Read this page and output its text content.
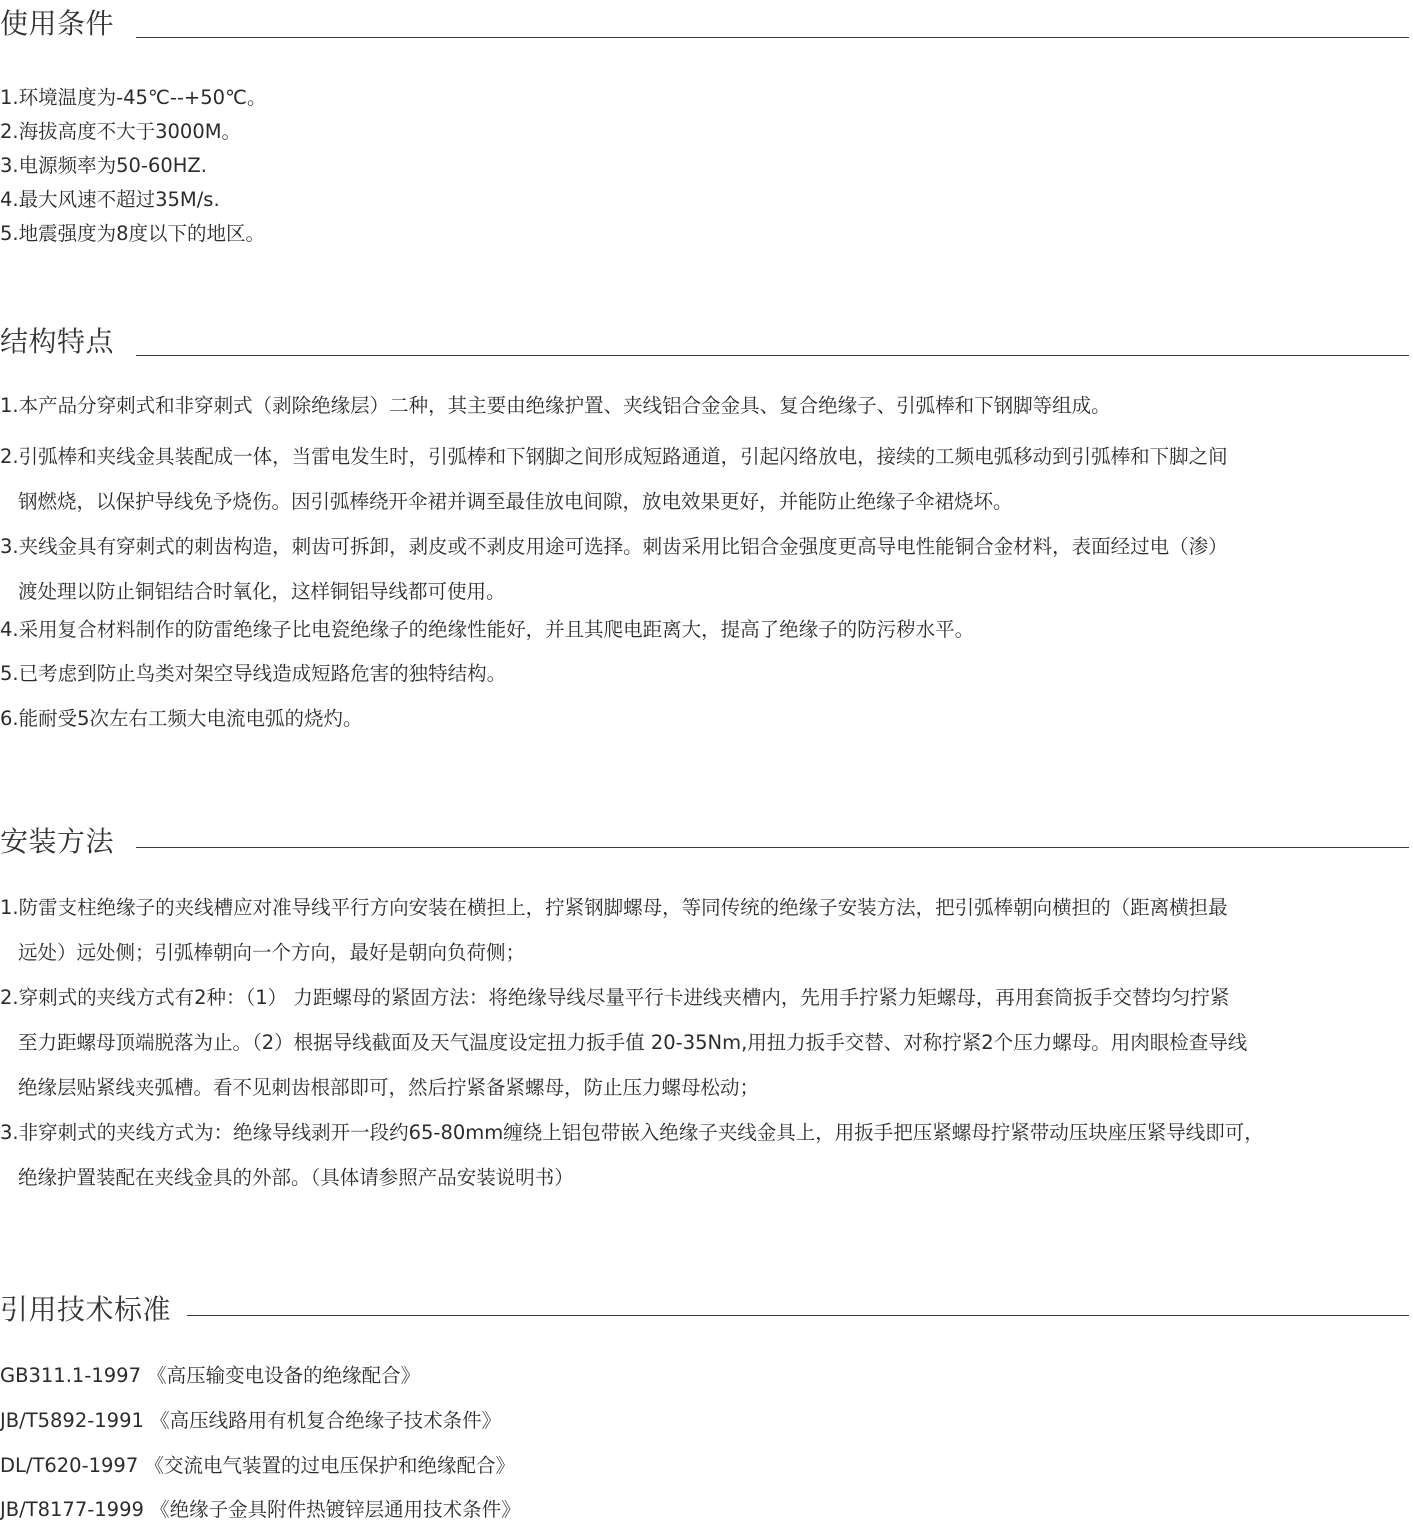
使用条件
1.环境温度为-45℃--+50℃。
2.海拔高度不大于3000M。
3.电源频率为50-60HZ.
4.最大风速不超过35M/s.
5.地震强度为8度以下的地区。
结构特点
1.本产品分穿刺式和非穿刺式（剥除绝缘层）二种，其主要由绝缘护置、夹线铝合金金具、复合绝缘子、引弧棒和下钢脚等组成。
2.引弧棒和夹线金具装配成一体，当雷电发生时，引弧棒和下钢脚之间形成短路通道，引起闪络放电，接续的工频电弧移动到引弧棒和下脚之间
钢燃烧，以保护导线免予烧伤。因引弧棒绕开伞裙并调至最佳放电间隙，放电效果更好，并能防止绝缘子伞裙烧坏。
3.夹线金具有穿刺式的刺齿构造，刺齿可拆卸，剥皮或不剥皮用途可选择。刺齿采用比铝合金强度更高导电性能铜合金材料，表面经过电（渗）
渡处理以防止铜铝结合时氧化，这样铜铝导线都可使用。
4.采用复合材料制作的防雷绝缘子比电瓷绝缘子的绝缘性能好，并且其爬电距离大，提高了绝缘子的防污秽水平。
5.已考虑到防止鸟类对架空导线造成短路危害的独特结构。
6.能耐受5次左右工频大电流电弧的烧灼。
安装方法
1.防雷支柱绝缘子的夹线槽应对准导线平行方向安装在横担上，拧紧钢脚螺母，等同传统的绝缘子安装方法，把引弧棒朝向横担的（距离横担最
远处）远处侧；引弧棒朝向一个方向，最好是朝向负荷侧；
2.穿刺式的夹线方式有2种：（1） 力距螺母的紧固方法：将绝缘导线尽量平行卡进线夹槽内，先用手拧紧力矩螺母，再用套筒扳手交替均匀拧紧
至力距螺母顶端脱落为止。（2）根据导线截面及天气温度设定扭力扳手值 20-35Nm,用扭力扳手交替、对称拧紧2个压力螺母。用肉眼检查导线
绝缘层贴紧线夹弧槽。看不见刺齿根部即可，然后拧紧备紧螺母，防止压力螺母松动；
3.非穿刺式的夹线方式为：绝缘导线剥开一段约65-80mm缠绕上铝包带嵌入绝缘子夹线金具上，用扳手把压紧螺母拧紧带动压块座压紧导线即可，
绝缘护置装配在夹线金具的外部。（具体请参照产品安装说明书）
引用技术标准
GB311.1-1997 《高压输变电设备的绝缘配合》
JB/T5892-1991 《高压线路用有机复合绝缘子技术条件》
DL/T620-1997 《交流电气装置的过电压保护和绝缘配合》
JB/T8177-1999 《绝缘子金具附件热镀锌层通用技术条件》
